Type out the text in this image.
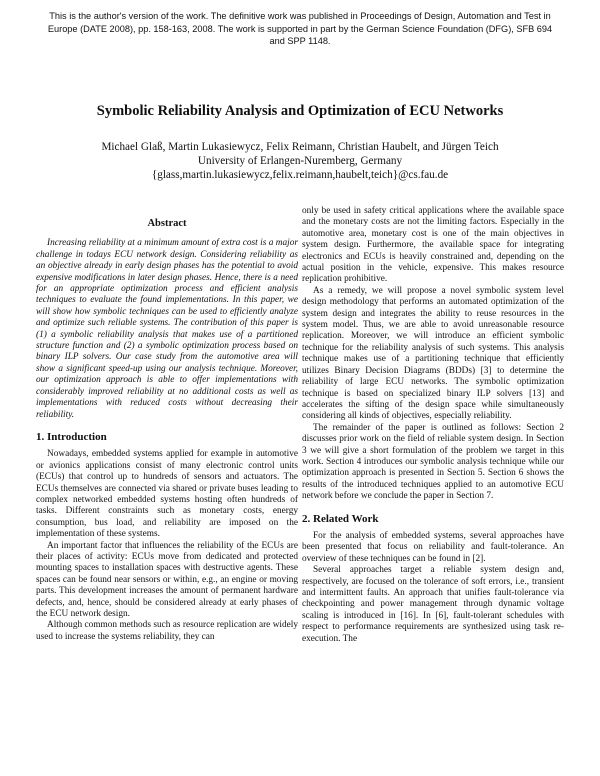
This is the author's version of the work. The definitive work was published in Proceedings of Design, Automation and Test in Europe (DATE 2008), pp. 158-163, 2008. The work is supported in part by the German Science Foundation (DFG), SFB 694 and SPP 1148.
Symbolic Reliability Analysis and Optimization of ECU Networks
Michael Glaß, Martin Lukasiewycz, Felix Reimann, Christian Haubelt, and Jürgen Teich
University of Erlangen-Nuremberg, Germany
{glass,martin.lukasiewycz,felix.reimann,haubelt,teich}@cs.fau.de
Abstract

Increasing reliability at a minimum amount of extra cost is a major challenge in todays ECU network design. Considering reliability as an objective already in early design phases has the potential to avoid expensive modifications in later design phases. Hence, there is a need for an appropriate optimization process and efficient analysis techniques to evaluate the found implementations. In this paper, we will show how symbolic techniques can be used to efficiently analyze and optimize such reliable systems. The contribution of this paper is (1) a symbolic reliability analysis that makes use of a partitioned structure function and (2) a symbolic optimization process based on binary ILP solvers. Our case study from the automotive area will show a significant speed-up using our analysis technique. Moreover, our optimization approach is able to offer implementations with considerably improved reliability at no additional costs as well as implementations with reduced costs without decreasing their reliability.

1. Introduction

Nowadays, embedded systems applied for example in automotive or avionics applications consist of many electronic control units (ECUs) that control up to hundreds of sensors and actuators. The ECUs themselves are connected via shared or private buses leading to complex networked embedded systems hosting often hundreds of tasks. Different constraints such as monetary costs, energy consumption, bus load, and reliability are imposed on the implementation of these systems.

An important factor that influences the reliability of the ECUs are their places of activity: ECUs move from dedicated and protected mounting spaces to installation spaces with destructive agents. These spaces can be found near sensors or within, e.g., an engine or moving parts. This development increases the amount of permanent hardware defects, and, hence, should be considered already at early phases of the ECU network design.

Although common methods such as resource replication are widely used to increase the systems reliability, they can

only be used in safety critical applications where the available space and the monetary costs are not the limiting factors. Especially in the automotive area, monetary cost is one of the main objectives in system design. Furthermore, the available space for integrating electronics and ECUs is heavily constrained and, depending on the actual position in the vehicle, expensive. This makes resource replication prohibitive.

As a remedy, we will propose a novel symbolic system level design methodology that performs an automated optimization of the system design and integrates the ability to reuse resources in the system model. Thus, we are able to avoid unreasonable resource replication. Moreover, we will introduce an efficient symbolic technique for the reliability analysis of such systems. This analysis technique makes use of a partitioning technique that efficiently utilizes Binary Decision Diagrams (BDDs) [3] to determine the reliability of large ECU networks. The symbolic optimization technique is based on specialized binary ILP solvers [13] and accelerates the sifting of the design space while simultaneously considering all kinds of objectives, especially reliability.

The remainder of the paper is outlined as follows: Section 2 discusses prior work on the field of reliable system design. In Section 3 we will give a short formulation of the problem we target in this work. Section 4 introduces our symbolic analysis technique while our optimization approach is presented in Section 5. Section 6 shows the results of the introduced techniques applied to an automotive ECU network before we conclude the paper in Section 7.

2. Related Work

For the analysis of embedded systems, several approaches have been presented that focus on reliability and fault-tolerance. An overview of these techniques can be found in [2].

Several approaches target a reliable system design and, respectively, are focused on the tolerance of soft errors, i.e., transient and intermittent faults. An approach that unifies fault-tolerance via checkpointing and power management through dynamic voltage scaling is introduced in [16]. In [6], fault-tolerant schedules with respect to performance requirements are synthesized using task re-execution. The
